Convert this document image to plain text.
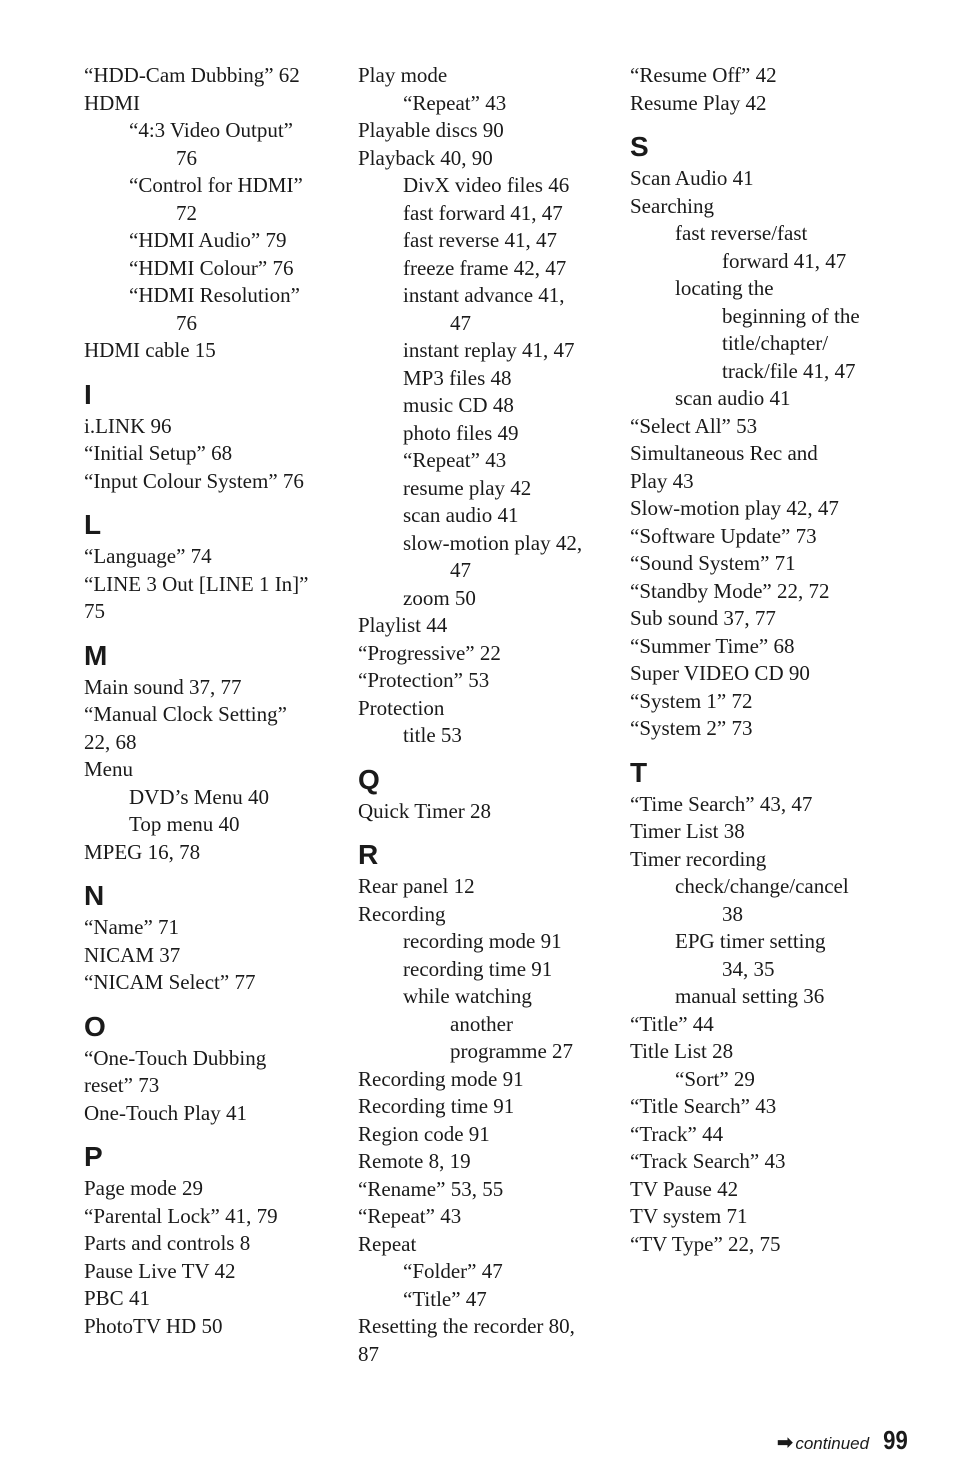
“HDD-Cam Dubbing” 62
HDMI
“4:3 Video Output”
76
“Control for HDMI”
72
“HDMI Audio” 79
“HDMI Colour” 76
“HDMI Resolution”
76
HDMI cable 15
I
i.LINK 96
“Initial Setup” 68
“Input Colour System” 76
L
“Language” 74
“LINE 3 Out [LINE 1 In]”
75
M
Main sound 37, 77
“Manual Clock Setting”
22, 68
Menu
DVD’s Menu 40
Top menu 40
MPEG 16, 78
N
“Name” 71
NICAM 37
“NICAM Select” 77
O
“One-Touch Dubbing
reset” 73
One-Touch Play 41
P
Page mode 29
“Parental Lock” 41, 79
Parts and controls 8
Pause Live TV 42
PBC 41
PhotoTV HD 50
Play mode
“Repeat” 43
Playable discs 90
Playback 40, 90
DivX video files 46
fast forward 41, 47
fast reverse 41, 47
freeze frame 42, 47
instant advance 41,
47
instant replay 41, 47
MP3 files 48
music CD 48
photo files 49
“Repeat” 43
resume play 42
scan audio 41
slow-motion play 42,
47
zoom 50
Playlist 44
“Progressive” 22
“Protection” 53
Protection
title 53
Q
Quick Timer 28
R
Rear panel 12
Recording
recording mode 91
recording time 91
while watching
another
programme 27
Recording mode 91
Recording time 91
Region code 91
Remote 8, 19
“Rename” 53, 55
“Repeat” 43
Repeat
“Folder” 47
“Title” 47
Resetting the recorder 80,
87
“Resume Off” 42
Resume Play 42
S
Scan Audio 41
Searching
fast reverse/fast
forward 41, 47
locating the
beginning of the
title/chapter/
track/file 41, 47
scan audio 41
“Select All” 53
Simultaneous Rec and
Play 43
Slow-motion play 42, 47
“Software Update” 73
“Sound System” 71
“Standby Mode” 22, 72
Sub sound 37, 77
“Summer Time” 68
Super VIDEO CD 90
“System 1” 72
“System 2” 73
T
“Time Search” 43, 47
Timer List 38
Timer recording
check/change/cancel
38
EPG timer setting
34, 35
manual setting 36
“Title” 44
Title List 28
“Sort” 29
“Title Search” 43
“Track” 44
“Track Search” 43
TV Pause 42
TV system 71
“TV Type” 22, 75
➡ continued 99
